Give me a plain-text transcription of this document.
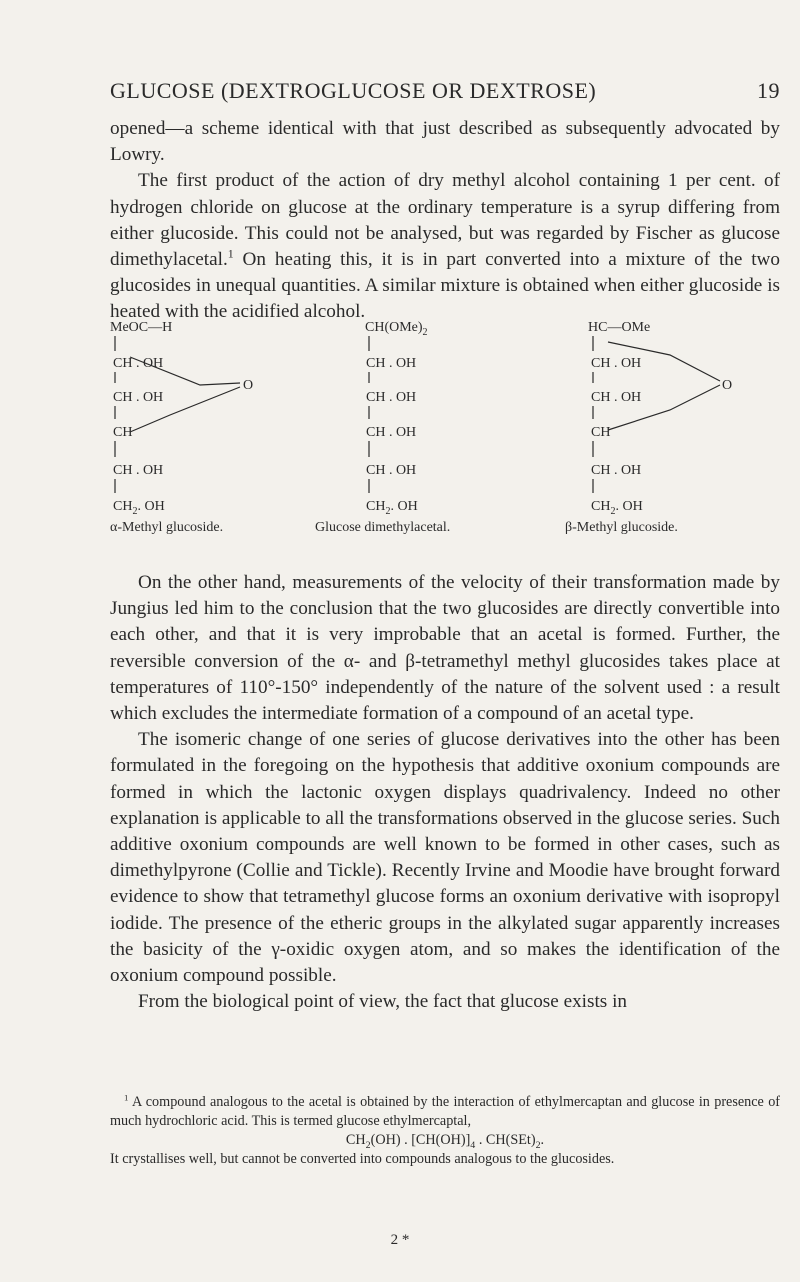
GLUCOSE (DEXTROGLUCOSE OR DEXTROSE)	19

opened—a scheme identical with that just described as subsequently advocated by Lowry.

The first product of the action of dry methyl alcohol containing 1 per cent. of hydrogen chloride on glucose at the ordinary temperature is a syrup differing from either glucoside. This could not be analysed, but was regarded by Fischer as glucose dimethylacetal.$^1$ On heating this, it is in part converted into a mixture of the two glucosides in unequal quantities. A similar mixture is obtained when either glucoside is heated with the acidified alcohol.

MeOC—H
CH . OH
CH . OH
CH
CH . OH
$CH_2$. OH
α-Methyl glucoside.
O
$CH(OMe)_2$
CH . OH
CH . OH
CH . OH
CH . OH
$CH_2$. OH
Glucose dimethylacetal.
HC—OMe
CH . OH
CH . OH
CH
CH . OH
$CH_2$. OH
β-Methyl glucoside.
O

On the other hand, measurements of the velocity of their transformation made by Jungius led him to the conclusion that the two glucosides are directly convertible into each other, and that it is very improbable that an acetal is formed. Further, the reversible conversion of the α- and β-tetramethyl methyl glucosides takes place at temperatures of 110°-150° independently of the nature of the solvent used : a result which excludes the intermediate formation of a compound of an acetal type.

The isomeric change of one series of glucose derivatives into the other has been formulated in the foregoing on the hypothesis that additive oxonium compounds are formed in which the lactonic oxygen displays quadrivalency. Indeed no other explanation is applicable to all the transformations observed in the glucose series. Such additive oxonium compounds are well known to be formed in other cases, such as dimethylpyrone (Collie and Tickle). Recently Irvine and Moodie have brought forward evidence to show that tetramethyl glucose forms an oxonium derivative with isopropyl iodide. The presence of the etheric groups in the alkylated sugar apparently increases the basicity of the γ-oxidic oxygen atom, and so makes the identification of the oxonium compound possible.

From the biological point of view, the fact that glucose exists in

$^1$ A compound analogous to the acetal is obtained by the interaction of ethylmercaptan and glucose in presence of much hydrochloric acid. This is termed glucose ethylmercaptal,

$CH_2(OH)$ . $[CH(OH)]_4$ . $CH(SEt)_2$.

It crystallises well, but cannot be converted into compounds analogous to the glucosides.

2 *
